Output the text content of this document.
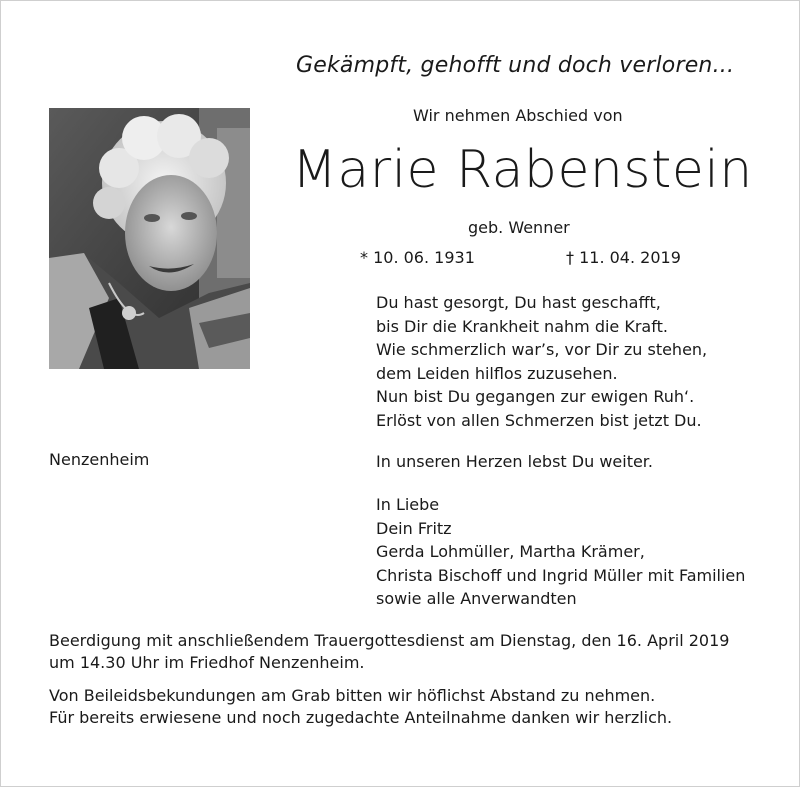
Gekämpft, gehofft und doch verloren...
Wir nehmen Abschied von
Marie Rabenstein
geb. Wenner
* 10. 06. 1931	† 11. 04. 2019
Du hast gesorgt, Du hast geschafft,
bis Dir die Krankheit nahm die Kraft.
Wie schmerzlich war’s, vor Dir zu stehen,
dem Leiden hilflos zuzusehen.
Nun bist Du gegangen zur ewigen Ruh‘.
Erlöst von allen Schmerzen bist jetzt Du.
Nenzenheim	In unseren Herzen lebst Du weiter.
In Liebe
Dein Fritz
Gerda Lohmüller, Martha Krämer,
Christa Bischoff und Ingrid Müller mit Familien
sowie alle Anverwandten
Beerdigung mit anschließendem Trauergottesdienst am Dienstag, den 16. April 2019
um 14.30 Uhr im Friedhof Nenzenheim.
Von Beileidsbekundungen am Grab bitten wir höflichst Abstand zu nehmen.
Für bereits erwiesene und noch zugedachte Anteilnahme danken wir herzlich.
